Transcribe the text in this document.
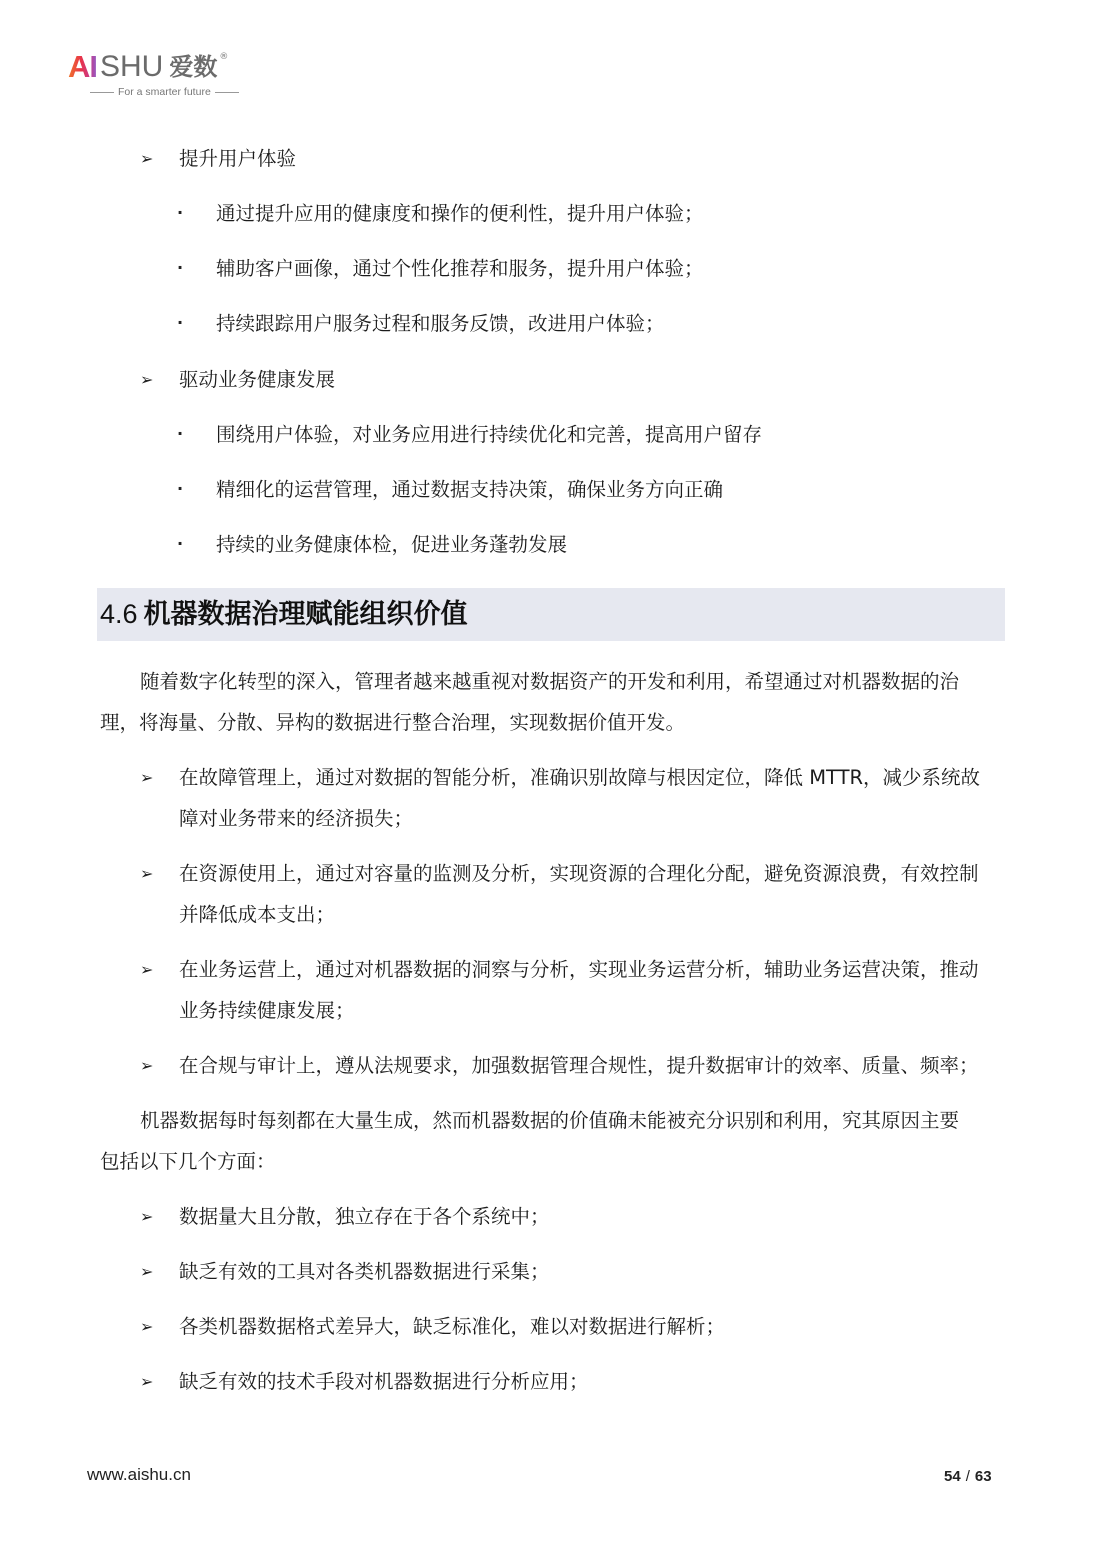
AI SHU 爱数 ®
For a smarter future
➢ 提升用户体验
· 通过提升应用的健康度和操作的便利性，提升用户体验；
· 辅助客户画像，通过个性化推荐和服务，提升用户体验；
· 持续跟踪用户服务过程和服务反馈，改进用户体验；
➢ 驱动业务健康发展
· 围绕用户体验，对业务应用进行持续优化和完善，提高用户留存
· 精细化的运营管理，通过数据支持决策，确保业务方向正确
· 持续的业务健康体检，促进业务蓬勃发展
4.6 机器数据治理赋能组织价值
随着数字化转型的深入，管理者越来越重视对数据资产的开发和利用，希望通过对机器数据的治
理，将海量、分散、异构的数据进行整合治理，实现数据价值开发。
➢ 在故障管理上，通过对数据的智能分析，准确识别故障与根因定位，降低 MTTR，减少系统故
障对业务带来的经济损失；
➢ 在资源使用上，通过对容量的监测及分析，实现资源的合理化分配，避免资源浪费，有效控制
并降低成本支出；
➢ 在业务运营上，通过对机器数据的洞察与分析，实现业务运营分析，辅助业务运营决策，推动
业务持续健康发展；
➢ 在合规与审计上，遵从法规要求，加强数据管理合规性，提升数据审计的效率、质量、频率；
机器数据每时每刻都在大量生成，然而机器数据的价值确未能被充分识别和利用，究其原因主要
包括以下几个方面：
➢ 数据量大且分散，独立存在于各个系统中；
➢ 缺乏有效的工具对各类机器数据进行采集；
➢ 各类机器数据格式差异大，缺乏标准化，难以对数据进行解析；
➢ 缺乏有效的技术手段对机器数据进行分析应用；
www.aishu.cn	54 / 63
